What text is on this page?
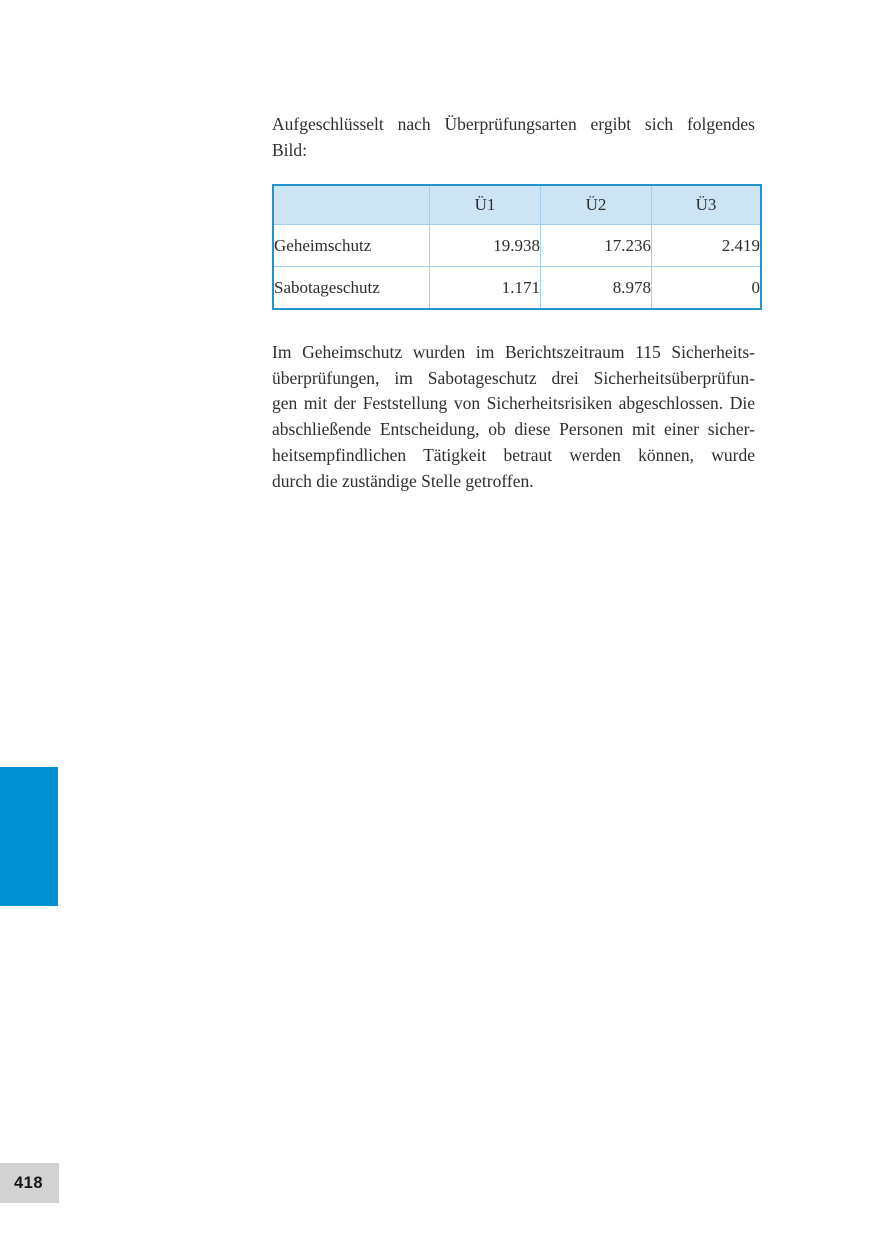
Aufgeschlüsselt nach Überprüfungsarten ergibt sich folgendes
Bild:
	Ü1	Ü2	Ü3
Geheimschutz	19.938	17.236	2.419
Sabotageschutz	1.171	8.978	0
Im Geheimschutz wurden im Berichtszeitraum 115 Sicherheits-
überprüfungen, im Sabotageschutz drei Sicherheitsüberprüfun-
gen mit der Feststellung von Sicherheitsrisiken abgeschlossen. Die
abschließende Entscheidung, ob diese Personen mit einer sicher-
heitsempfindlichen Tätigkeit betraut werden können, wurde
durch die zuständige Stelle getroffen.
418
